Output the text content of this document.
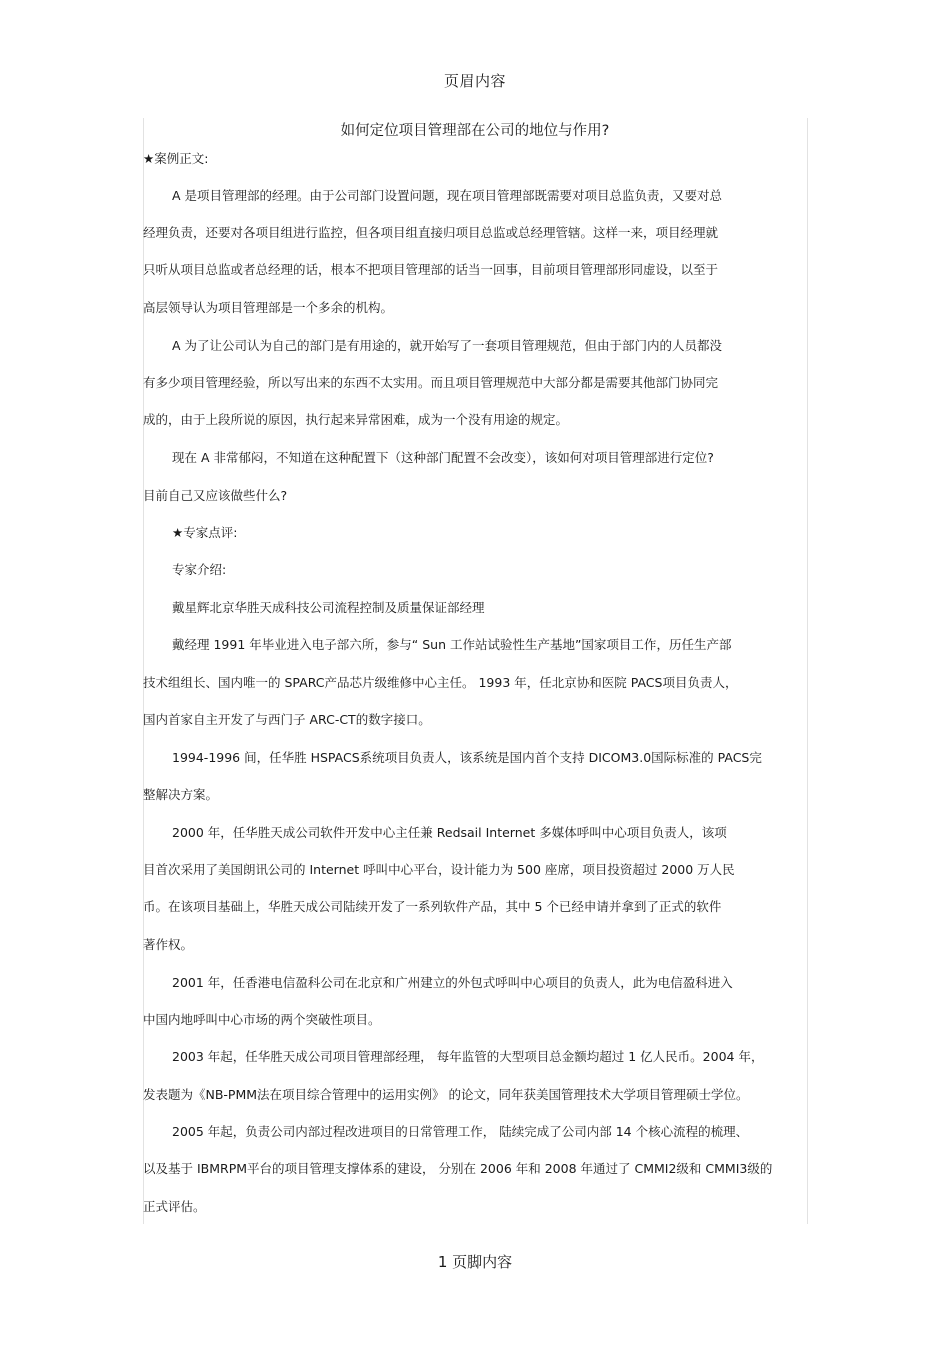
页眉内容
如何定位项目管理部在公司的地位与作用?
★案例正文:
A 是项目管理部的经理。由于公司部门设置问题，现在项目管理部既需要对项目总监负责，又要对总
经理负责，还要对各项目组进行监控，但各项目组直接归项目总监或总经理管辖。这样一来，项目经理就
只听从项目总监或者总经理的话，根本不把项目管理部的话当一回事，目前项目管理部形同虚设，以至于
高层领导认为项目管理部是一个多余的机构。
A 为了让公司认为自己的部门是有用途的，就开始写了一套项目管理规范，但由于部门内的人员都没
有多少项目管理经验，所以写出来的东西不太实用。而且项目管理规范中大部分都是需要其他部门协同完
成的，由于上段所说的原因，执行起来异常困难，成为一个没有用途的规定。
现在 A 非常郁闷，不知道在这种配置下（这种部门配置不会改变），该如何对项目管理部进行定位?
目前自己又应该做些什么?
★专家点评:
专家介绍:
戴星辉北京华胜天成科技公司流程控制及质量保证部经理
戴经理 1991 年毕业进入电子部六所，参与“ Sun 工作站试验性生产基地”国家项目工作，历任生产部
技术组组长、国内唯一的 SPARC产品芯片级维修中心主任。 1993 年，任北京协和医院 PACS项目负责人，
国内首家自主开发了与西门子 ARC-CT的数字接口。
1994-1996 间，任华胜 HSPACS系统项目负责人，该系统是国内首个支持 DICOM3.0国际标准的 PACS完
整解决方案。
2000 年，任华胜天成公司软件开发中心主任兼 Redsail Internet 多媒体呼叫中心项目负责人，该项
目首次采用了美国朗讯公司的 Internet 呼叫中心平台，设计能力为 500 座席，项目投资超过 2000 万人民
币。在该项目基础上，华胜天成公司陆续开发了一系列软件产品，其中 5 个已经申请并拿到了正式的软件
著作权。
2001 年，任香港电信盈科公司在北京和广州建立的外包式呼叫中心项目的负责人，此为电信盈科进入
中国内地呼叫中心市场的两个突破性项目。
2003 年起，任华胜天成公司项目管理部经理， 每年监管的大型项目总金额均超过 1 亿人民币。2004 年，
发表题为《NB-PMM法在项目综合管理中的运用实例》 的论文，同年获美国管理技术大学项目管理硕士学位。
2005 年起，负责公司内部过程改进项目的日常管理工作， 陆续完成了公司内部 14 个核心流程的梳理、
以及基于 IBMRPM平台的项目管理支撑体系的建设， 分别在 2006 年和 2008 年通过了 CMMI2级和 CMMI3级的
正式评估。
1 页脚内容
